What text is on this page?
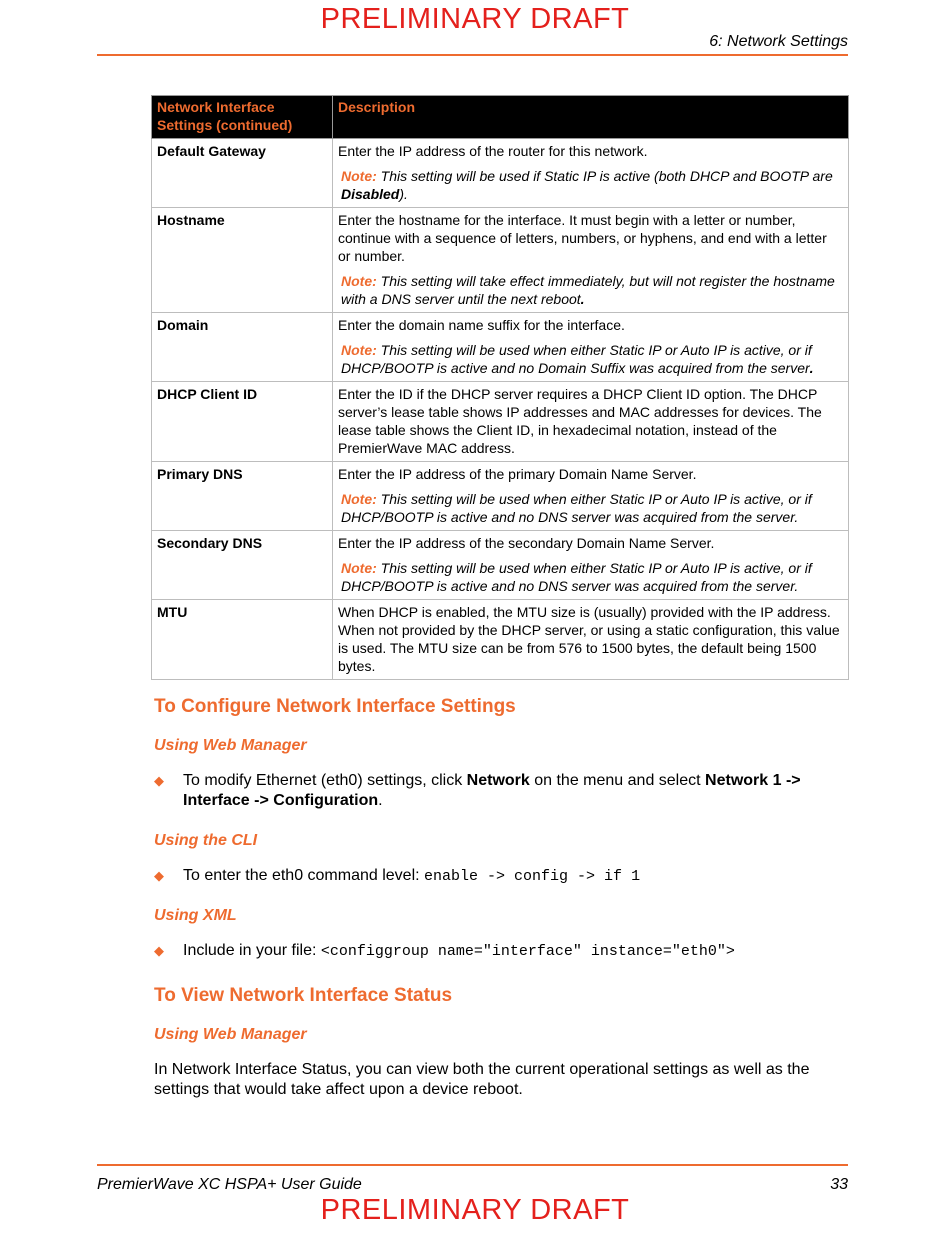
PRELIMINARY DRAFT
6: Network Settings
Network Interface Settings (continued)	Description
Default Gateway	Enter the IP address of the router for this network.

Note: This setting will be used if Static IP is active (both DHCP and BOOTP are Disabled).

Hostname	Enter the hostname for the interface. It must begin with a letter or number, continue with a sequence of letters, numbers, or hyphens, and end with a letter or number.

Note: This setting will take effect immediately, but will not register the hostname with a DNS server until the next reboot.

Domain	Enter the domain name suffix for the interface.

Note: This setting will be used when either Static IP or Auto IP is active, or if DHCP/BOOTP is active and no Domain Suffix was acquired from the server.

DHCP Client ID	Enter the ID if the DHCP server requires a DHCP Client ID option. The DHCP server’s lease table shows IP addresses and MAC addresses for devices. The lease table shows the Client ID, in hexadecimal notation, instead of the PremierWave MAC address.

Primary DNS	Enter the IP address of the primary Domain Name Server.

Note: This setting will be used when either Static IP or Auto IP is active, or if DHCP/BOOTP is active and no DNS server was acquired from the server.

Secondary DNS	Enter the IP address of the secondary Domain Name Server.

Note: This setting will be used when either Static IP or Auto IP is active, or if DHCP/BOOTP is active and no DNS server was acquired from the server.

MTU	When DHCP is enabled, the MTU size is (usually) provided with the IP address. When not provided by the DHCP server, or using a static configuration, this value is used. The MTU size can be from 576 to 1500 bytes, the default being 1500 bytes.

To Configure Network Interface Settings
Using Web Manager
◆ To modify Ethernet (eth0) settings, click Network on the menu and select Network 1 -> Interface -> Configuration.
Using the CLI
◆ To enter the eth0 command level: enable -> config -> if 1
Using XML
◆ Include in your file: <configgroup name="interface" instance="eth0">
To View Network Interface Status
Using Web Manager
In Network Interface Status, you can view both the current operational settings as well as the settings that would take affect upon a device reboot.
PremierWave XC HSPA+ User Guide	33
PRELIMINARY DRAFT
